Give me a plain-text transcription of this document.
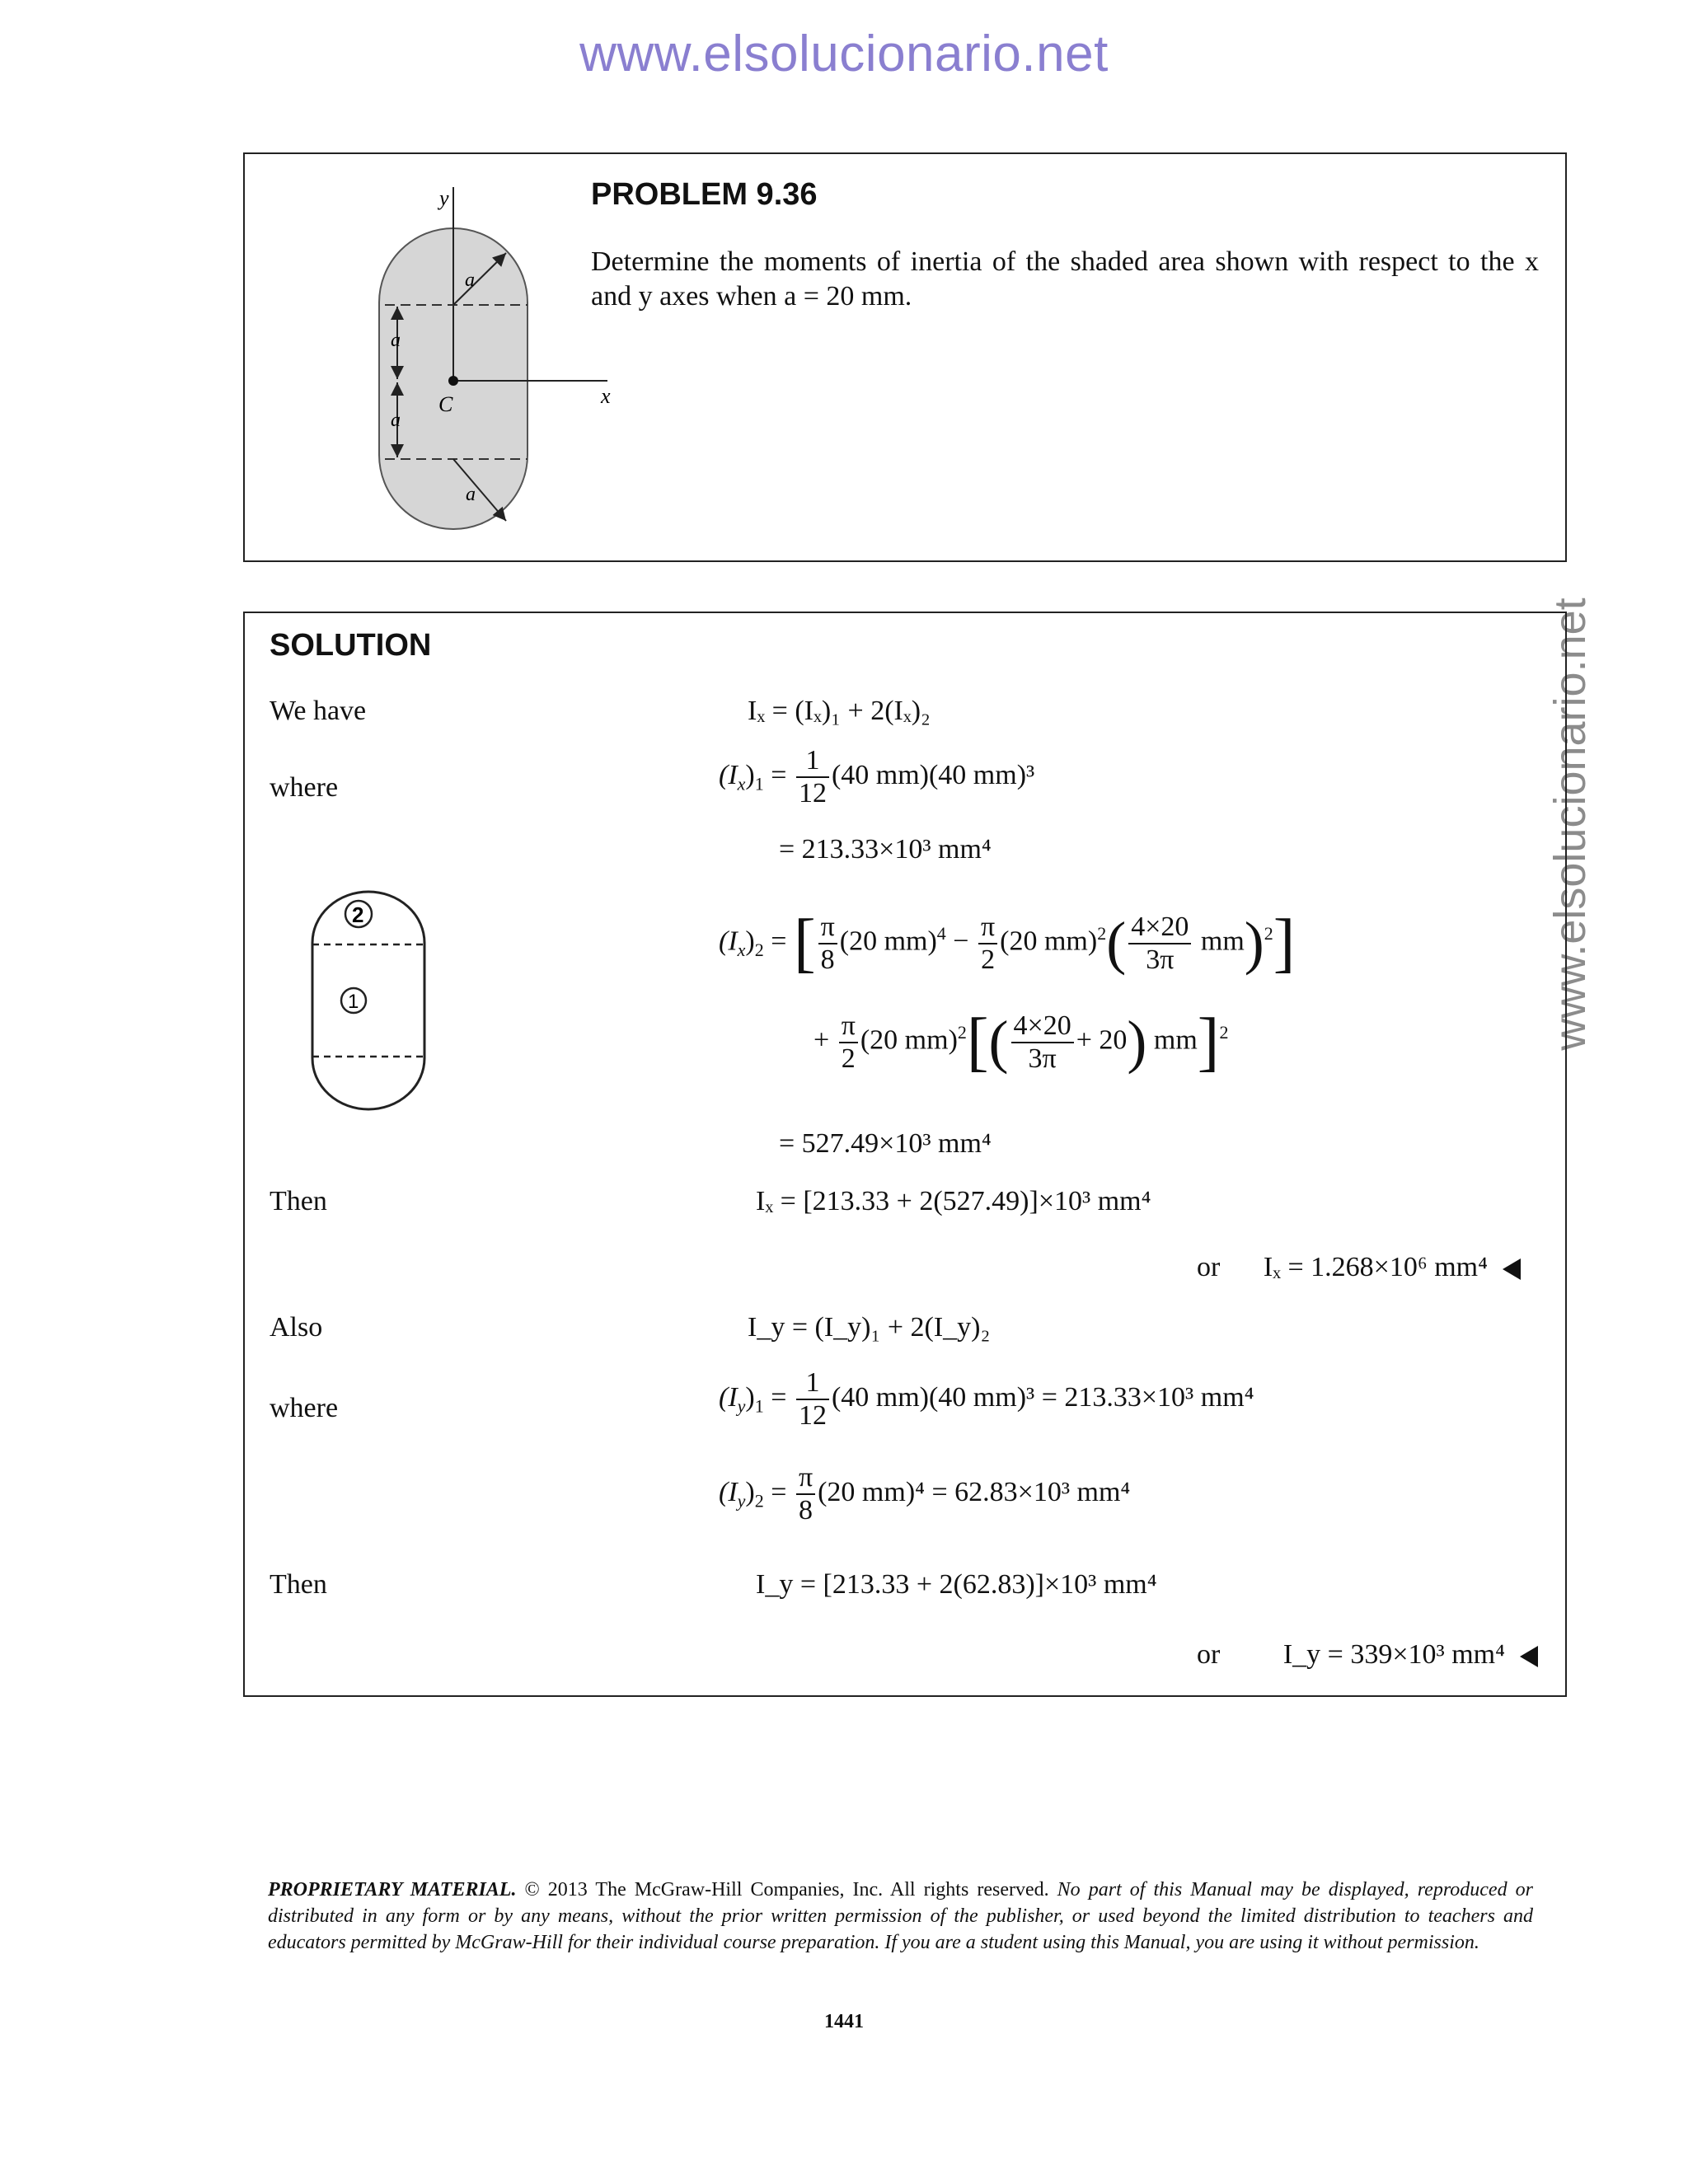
www.elsolucionario.net
www.elsolucionario.net
y
x
C
a
a
a
a
PROBLEM 9.36
Determine the moments of inertia of the shaded area shown with respect to the x and y axes when a = 20 mm.
SOLUTION
We have
where
Then
Also
where
Then
2
1
Iₓ = (Iₓ)₁ + 2(Iₓ)₂
$(I_x)_1 = \frac{1}{12} (40$ mm)(40 mm)³
= 213.33×10³ mm⁴
$(I_x)_2$ = [ $\frac{\pi}{8} (20$ $mm)^4 - \frac{\pi}{2} (20$ $mm)^2( \frac{4\times 20}{3\pi} mm)^2$]
+ $\frac{\pi}{2} (20$ $mm)^2[( \frac{4\times 20}{3\pi} + 20)$ mm]$^2$
= 527.49×10³ mm⁴
Iₓ = [213.33 + 2(527.49)]×10³ mm⁴
or Iₓ = 1.268×10⁶ mm⁴
I_y = (I_y)₁ + 2(I_y)₂
$(I_y)_1 = \frac{1}{12} (40$ mm)(40 mm)³ = 213.33×10³ mm⁴
$(I_y)_2 = \frac{\pi}{8} (20$ mm)⁴ = 62.83×10³ mm⁴
I_y = [213.33 + 2(62.83)]×10³ mm⁴
or I_y = 339×10³ mm⁴
PROPRIETARY MATERIAL. © 2013 The McGraw-Hill Companies, Inc. All rights reserved. No part of this Manual may be displayed, reproduced or distributed in any form or by any means, without the prior written permission of the publisher, or used beyond the limited distribution to teachers and educators permitted by McGraw-Hill for their individual course preparation. If you are a student using this Manual, you are using it without permission.
1441
